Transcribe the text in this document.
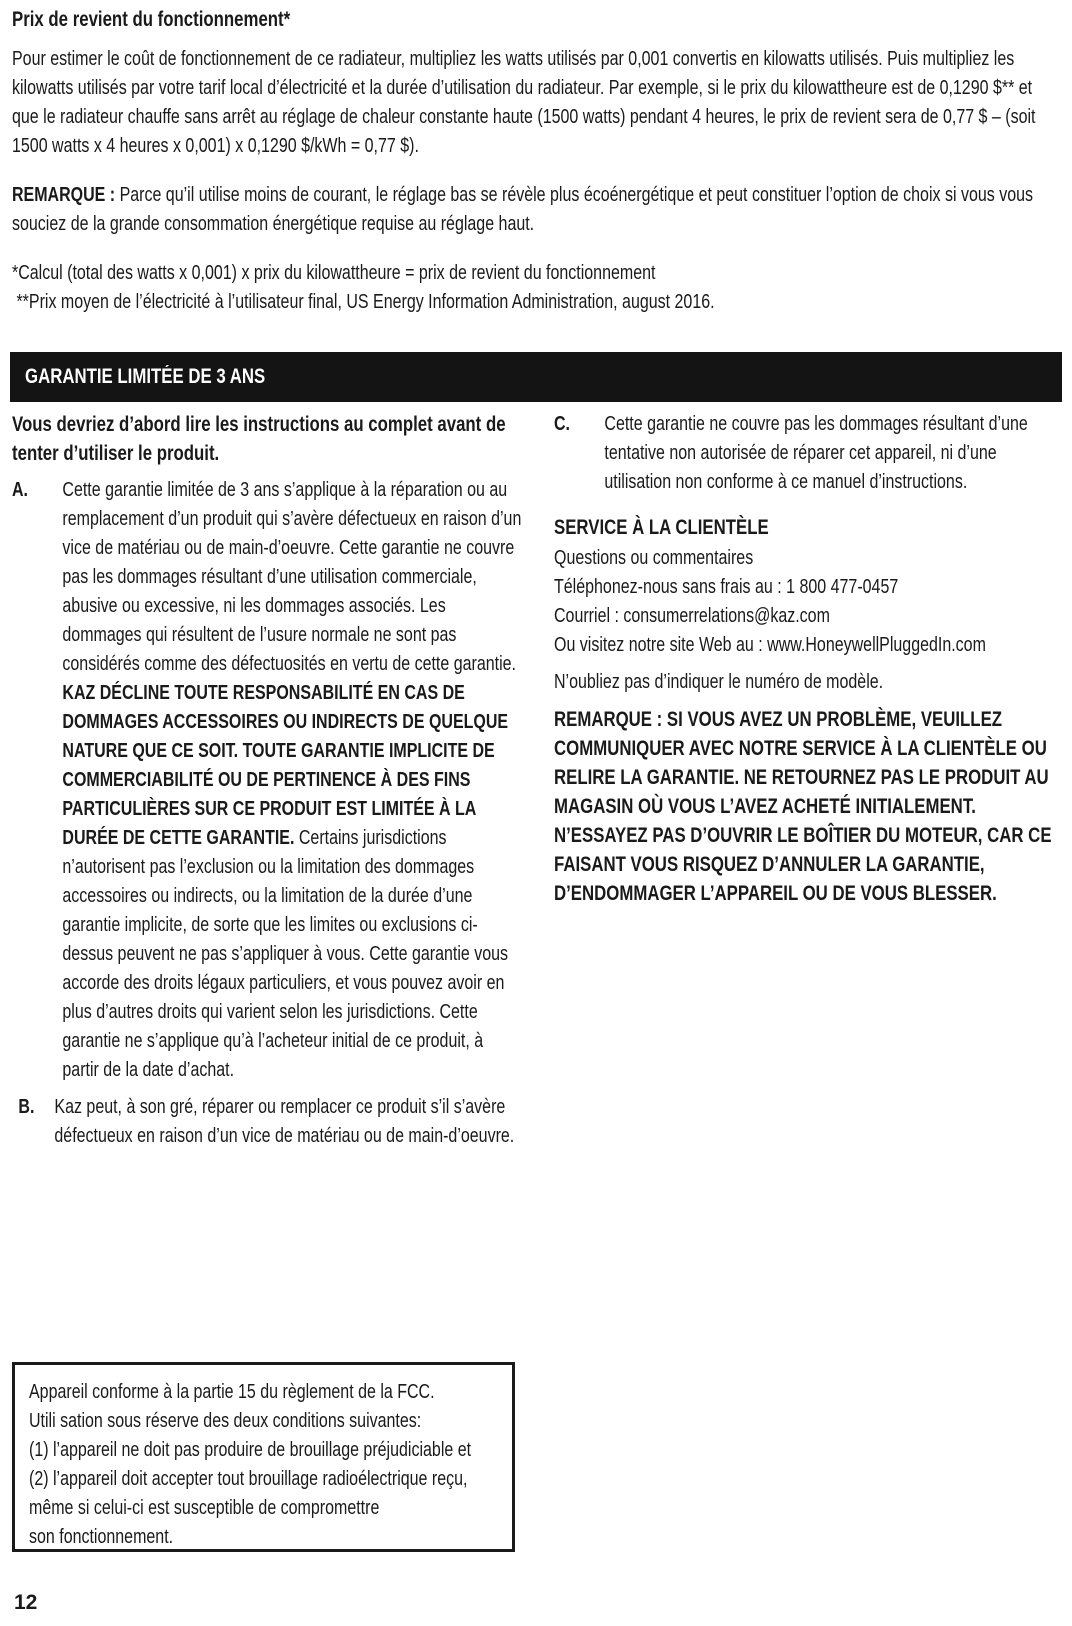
Prix de revient du fonctionnement*

Pour estimer le coût de fonctionnement de ce radiateur, multipliez les watts utilisés par 0,001 convertis en kilowatts utilisés. Puis multipliez les kilowatts utilisés par votre tarif local d’électricité et la durée d’utilisation du radiateur. Par exemple, si le prix du kilowattheure est de 0,1290 $** et que le radiateur chauffe sans arrêt au réglage de chaleur constante haute (1500 watts) pendant 4 heures, le prix de revient sera de 0,77 $ – (soit 1500 watts x 4 heures x 0,001) x 0,1290 $/kWh = 0,77 $).

REMARQUE : Parce qu’il utilise moins de courant, le réglage bas se révèle plus écoénergétique et peut constituer l’option de choix si vous vous souciez de la grande consommation énergétique requise au réglage haut.

*Calcul (total des watts x 0,001) x prix du kilowattheure = prix de revient du fonctionnement
**Prix moyen de l’électricité à l’utilisateur final, US Energy Information Administration, august 2016.
GARANTIE LIMITÉE DE 3 ANS

Vous devriez d’abord lire les instructions au complet avant de tenter d’utiliser le produit.

A. Cette garantie limitée de 3 ans s’applique à la réparation ou au remplacement d’un produit qui s’avère défectueux en raison d’un vice de matériau ou de main-d’oeuvre. Cette garantie ne couvre pas les dommages résultant d’une utilisation commerciale, abusive ou excessive, ni les dommages associés. Les dommages qui résultent de l’usure normale ne sont pas considérés comme des défectuosités en vertu de cette garantie. KAZ DÉCLINE TOUTE RESPONSABILITÉ EN CAS DE DOMMAGES ACCESSOIRES OU INDIRECTS DE QUELQUE NATURE QUE CE SOIT. TOUTE GARANTIE IMPLICITE DE COMMERCIABILITÉ OU DE PERTINENCE À DES FINS PARTICULIÈRES SUR CE PRODUIT EST LIMITÉE À LA DURÉE DE CETTE GARANTIE. Certains jurisdictions n’autorisent pas l’exclusion ou la limitation des dommages accessoires ou indirects, ou la limitation de la durée d’une garantie implicite, de sorte que les limites ou exclusions ci-dessus peuvent ne pas s’appliquer à vous. Cette garantie vous accorde des droits légaux particuliers, et vous pouvez avoir en plus d’autres droits qui varient selon les jurisdictions. Cette garantie ne s’applique qu’à l’acheteur initial de ce produit, à partir de la date d’achat.

B. Kaz peut, à son gré, réparer ou remplacer ce produit s’il s’avère défectueux en raison d’un vice de matériau ou de main-d’oeuvre.

C. Cette garantie ne couvre pas les dommages résultant d’une tentative non autorisée de réparer cet appareil, ni d’une utilisation non conforme à ce manuel d’instructions.

SERVICE À LA CLIENTÈLE
Questions ou commentaires
Téléphonez-nous sans frais au : 1 800 477-0457
Courriel : consumerrelations@kaz.com
Ou visitez notre site Web au : www.HoneywellPluggedIn.com
N’oubliez pas d’indiquer le numéro de modèle.
REMARQUE : SI VOUS AVEZ UN PROBLÈME, VEUILLEZ COMMUNIQUER AVEC NOTRE SERVICE À LA CLIENTÈLE OU RELIRE LA GARANTIE. NE RETOURNEZ PAS LE PRODUIT AU MAGASIN OÙ VOUS L’AVEZ ACHETÉ INITIALEMENT. N’ESSAYEZ PAS D’OUVRIR LE BOÎTIER DU MOTEUR, CAR CE FAISANT VOUS RISQUEZ D’ANNULER LA GARANTIE, D’ENDOMMAGER L’APPAREIL OU DE VOUS BLESSER.
Appareil conforme à la partie 15 du règlement de la FCC.
Utili sation sous réserve des deux conditions suivantes:
(1) l’appareil ne doit pas produire de brouillage préjudiciable et
(2) l’appareil doit accepter tout brouillage radioélectrique reçu,
même si celui-ci est susceptible de compromettre
son fonctionnement.
12
